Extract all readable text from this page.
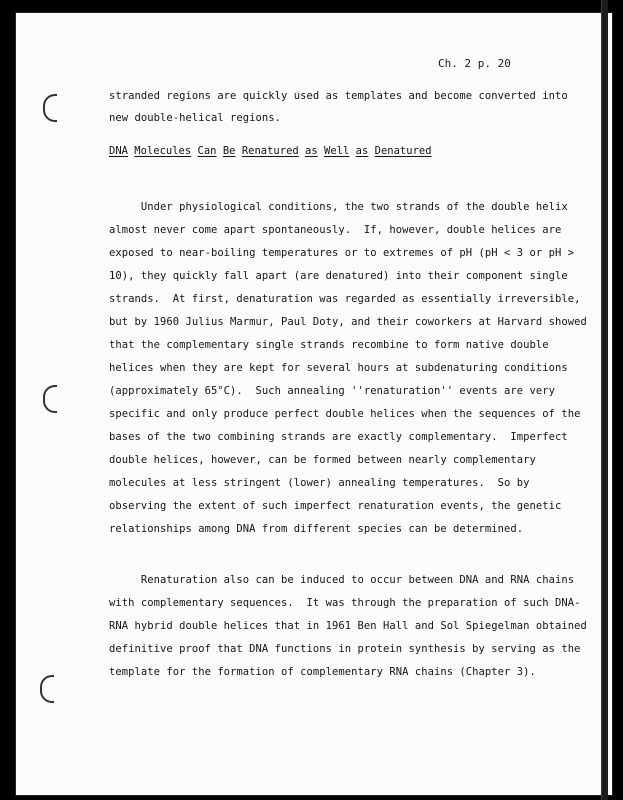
Ch. 2 p. 20
stranded regions are quickly used as templates and become converted into
new double-helical regions.
DNA Molecules Can Be Renatured as Well as Denatured
Under physiological conditions, the two strands of the double helix
almost never come apart spontaneously.  If, however, double helices are
exposed to near-boiling temperatures or to extremes of pH (pH < 3 or pH >
10), they quickly fall apart (are denatured) into their component single
strands.  At first, denaturation was regarded as essentially irreversible,
but by 1960 Julius Marmur, Paul Doty, and their coworkers at Harvard showed
that the complementary single strands recombine to form native double
helices when they are kept for several hours at subdenaturing conditions
(approximately 65°C).  Such annealing ''renaturation'' events are very
specific and only produce perfect double helices when the sequences of the
bases of the two combining strands are exactly complementary.  Imperfect
double helices, however, can be formed between nearly complementary
molecules at less stringent (lower) annealing temperatures.  So by
observing the extent of such imperfect renaturation events, the genetic
relationships among DNA from different species can be determined.
Renaturation also can be induced to occur between DNA and RNA chains
with complementary sequences.  It was through the preparation of such DNA-
RNA hybrid double helices that in 1961 Ben Hall and Sol Spiegelman obtained
definitive proof that DNA functions in protein synthesis by serving as the
template for the formation of complementary RNA chains (Chapter 3).
